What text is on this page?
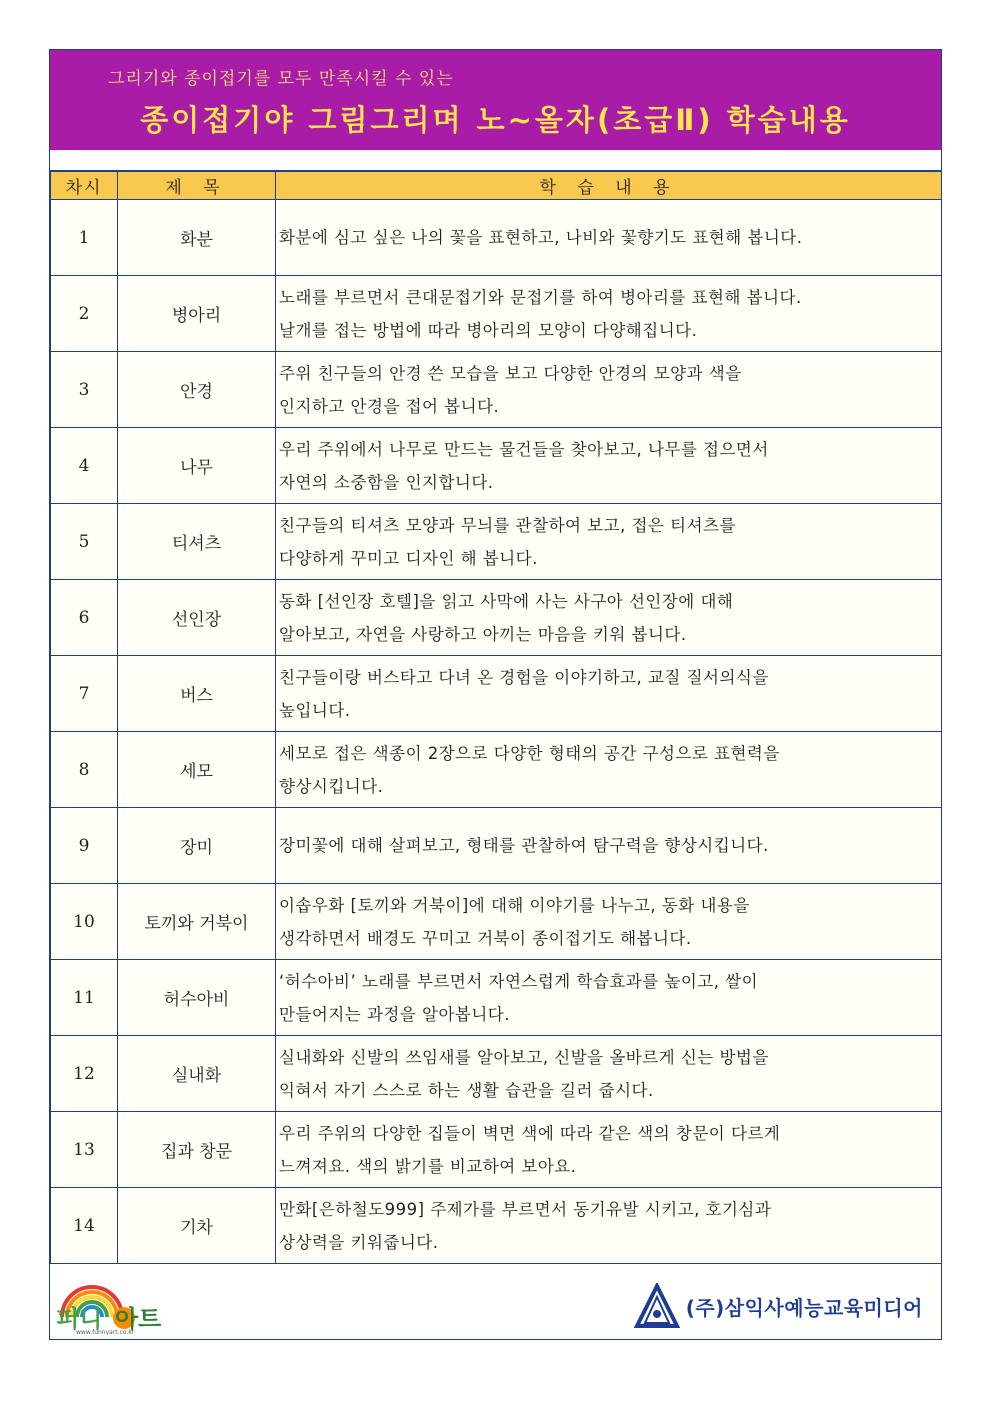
그리기와 종이접기를 모두 만족시킬 수 있는
종이접기야 그림그리며 노~올자(초급Ⅱ) 학습내용
차시	제 목	학 습 내 용
1	화분	화분에 심고 싶은 나의 꽃을 표현하고, 나비와 꽃향기도 표현해 봅니다.

2	병아리	노래를 부르면서 큰대문접기와 문접기를 하여 병아리를 표현해 봅니다.
날개를 접는 방법에 따라 병아리의 모양이 다양해집니다.

3	안경	주위 친구들의 안경 쓴 모습을 보고 다양한 안경의 모양과 색을
인지하고 안경을 접어 봅니다.

4	나무	우리 주위에서 나무로 만드는 물건들을 찾아보고, 나무를 접으면서
자연의 소중함을 인지합니다.

5	티셔츠	친구들의 티셔츠 모양과 무늬를 관찰하여 보고, 접은 티셔츠를
다양하게 꾸미고 디자인 해 봅니다.

6	선인장	동화 [선인장 호텔]을 읽고 사막에 사는 사구아 선인장에 대해
알아보고, 자연을 사랑하고 아끼는 마음을 키워 봅니다.

7	버스	친구들이랑 버스타고 다녀 온 경험을 이야기하고, 교질 질서의식을
높입니다.

8	세모	세모로 접은 색종이 2장으로 다양한 형태의 공간 구성으로 표현력을
향상시킵니다.

9	장미	장미꽃에 대해 살펴보고, 형태를 관찰하여 탐구력을 향상시킵니다.

10	토끼와 거북이	이솝우화 [토끼와 거북이]에 대해 이야기를 나누고, 동화 내용을
생각하면서 배경도 꾸미고 거북이 종이접기도 해봅니다.

11	허수아비	‘허수아비’ 노래를 부르면서 자연스럽게 학습효과를 높이고, 쌀이
만들어지는 과정을 알아봅니다.

12	실내화	실내화와 신발의 쓰임새를 알아보고, 신발을 올바르게 신는 방법을
익혀서 자기 스스로 하는 생활 습관을 길러 줍시다.

13	집과 창문	우리 주위의 다양한 집들이 벽면 색에 따라 같은 색의 창문이 다르게
느껴져요. 색의 밝기를 비교하여 보아요.

14	기차	만화[은하철도999] 주제가를 부르면서 동기유발 시키고, 호기심과
상상력을 키워줍니다.
퍼니 아트
www.funnyart.co.kr
(주)삼익사예능교육미디어
